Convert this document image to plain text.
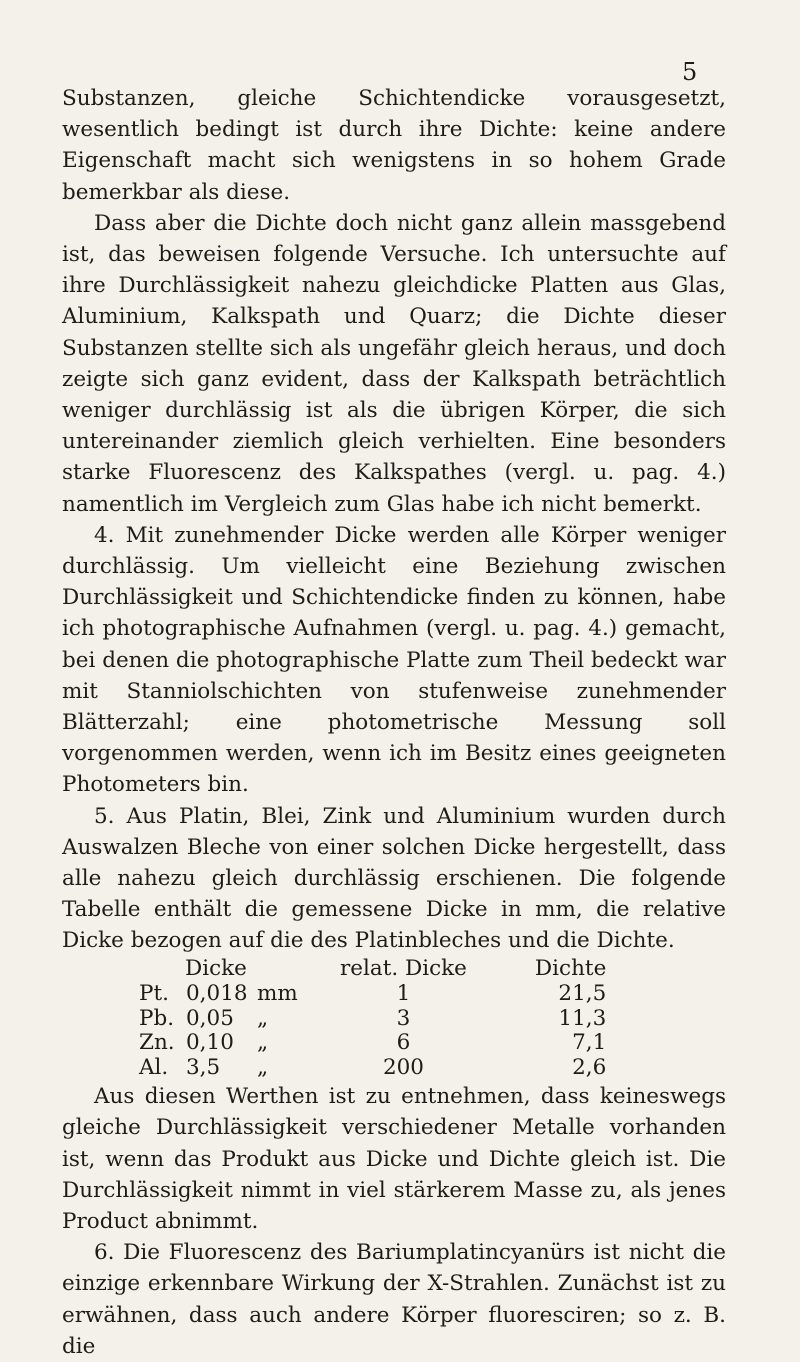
5

Substanzen, gleiche Schichtendicke vorausgesetzt, wesentlich bedingt ist durch ihre Dichte: keine andere Eigenschaft macht sich wenigstens in so hohem Grade bemerkbar als diese.

Dass aber die Dichte doch nicht ganz allein massgebend ist, das beweisen folgende Versuche. Ich untersuchte auf ihre Durchlässigkeit nahezu gleichdicke Platten aus Glas, Aluminium, Kalkspath und Quarz; die Dichte dieser Substanzen stellte sich als ungefähr gleich heraus, und doch zeigte sich ganz evident, dass der Kalkspath beträchtlich weniger durchlässig ist als die übrigen Körper, die sich untereinander ziemlich gleich verhielten. Eine besonders starke Fluorescenz des Kalkspathes (vergl. u. pag. 4.) namentlich im Vergleich zum Glas habe ich nicht bemerkt.

4. Mit zunehmender Dicke werden alle Körper weniger durchlässig. Um vielleicht eine Beziehung zwischen Durchlässigkeit und Schichtendicke finden zu können, habe ich photographische Aufnahmen (vergl. u. pag. 4.) gemacht, bei denen die photographische Platte zum Theil bedeckt war mit Stanniolschichten von stufenweise zunehmender Blätterzahl; eine photometrische Messung soll vorgenommen werden, wenn ich im Besitz eines geeigneten Photometers bin.

5. Aus Platin, Blei, Zink und Aluminium wurden durch Auswalzen Bleche von einer solchen Dicke hergestellt, dass alle nahezu gleich durchlässig erschienen. Die folgende Tabelle enthält die gemessene Dicke in mm, die relative Dicke bezogen auf die des Platinbleches und die Dichte.

Dicke			relat. Dicke		Dichte
Pt.	0,018	mm	1		21,5
Pb.	0,05	„	3		11,3
Zn.	0,10	„	6		7,1
Al.	3,5	„	200		2,6

Aus diesen Werthen ist zu entnehmen, dass keineswegs gleiche Durchlässigkeit verschiedener Metalle vorhanden ist, wenn das Produkt aus Dicke und Dichte gleich ist. Die Durchlässigkeit nimmt in viel stärkerem Masse zu, als jenes Product abnimmt.

6. Die Fluorescenz des Bariumplatincyanürs ist nicht die einzige erkennbare Wirkung der X-Strahlen. Zunächst ist zu erwähnen, dass auch andere Körper fluoresciren; so z. B. die
